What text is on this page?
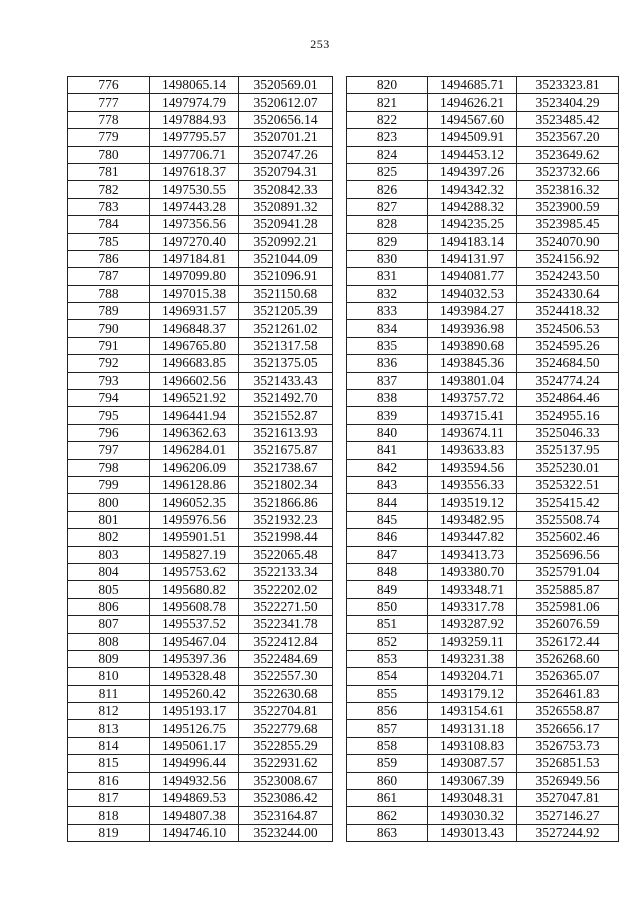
253
776	1498065.14	3520569.01
777	1497974.79	3520612.07
778	1497884.93	3520656.14
779	1497795.57	3520701.21
780	1497706.71	3520747.26
781	1497618.37	3520794.31
782	1497530.55	3520842.33
783	1497443.28	3520891.32
784	1497356.56	3520941.28
785	1497270.40	3520992.21
786	1497184.81	3521044.09
787	1497099.80	3521096.91
788	1497015.38	3521150.68
789	1496931.57	3521205.39
790	1496848.37	3521261.02
791	1496765.80	3521317.58
792	1496683.85	3521375.05
793	1496602.56	3521433.43
794	1496521.92	3521492.70
795	1496441.94	3521552.87
796	1496362.63	3521613.93
797	1496284.01	3521675.87
798	1496206.09	3521738.67
799	1496128.86	3521802.34
800	1496052.35	3521866.86
801	1495976.56	3521932.23
802	1495901.51	3521998.44
803	1495827.19	3522065.48
804	1495753.62	3522133.34
805	1495680.82	3522202.02
806	1495608.78	3522271.50
807	1495537.52	3522341.78
808	1495467.04	3522412.84
809	1495397.36	3522484.69
810	1495328.48	3522557.30
811	1495260.42	3522630.68
812	1495193.17	3522704.81
813	1495126.75	3522779.68
814	1495061.17	3522855.29
815	1494996.44	3522931.62
816	1494932.56	3523008.67
817	1494869.53	3523086.42
818	1494807.38	3523164.87
819	1494746.10	3523244.00
820	1494685.71	3523323.81
821	1494626.21	3523404.29
822	1494567.60	3523485.42
823	1494509.91	3523567.20
824	1494453.12	3523649.62
825	1494397.26	3523732.66
826	1494342.32	3523816.32
827	1494288.32	3523900.59
828	1494235.25	3523985.45
829	1494183.14	3524070.90
830	1494131.97	3524156.92
831	1494081.77	3524243.50
832	1494032.53	3524330.64
833	1493984.27	3524418.32
834	1493936.98	3524506.53
835	1493890.68	3524595.26
836	1493845.36	3524684.50
837	1493801.04	3524774.24
838	1493757.72	3524864.46
839	1493715.41	3524955.16
840	1493674.11	3525046.33
841	1493633.83	3525137.95
842	1493594.56	3525230.01
843	1493556.33	3525322.51
844	1493519.12	3525415.42
845	1493482.95	3525508.74
846	1493447.82	3525602.46
847	1493413.73	3525696.56
848	1493380.70	3525791.04
849	1493348.71	3525885.87
850	1493317.78	3525981.06
851	1493287.92	3526076.59
852	1493259.11	3526172.44
853	1493231.38	3526268.60
854	1493204.71	3526365.07
855	1493179.12	3526461.83
856	1493154.61	3526558.87
857	1493131.18	3526656.17
858	1493108.83	3526753.73
859	1493087.57	3526851.53
860	1493067.39	3526949.56
861	1493048.31	3527047.81
862	1493030.32	3527146.27
863	1493013.43	3527244.92
